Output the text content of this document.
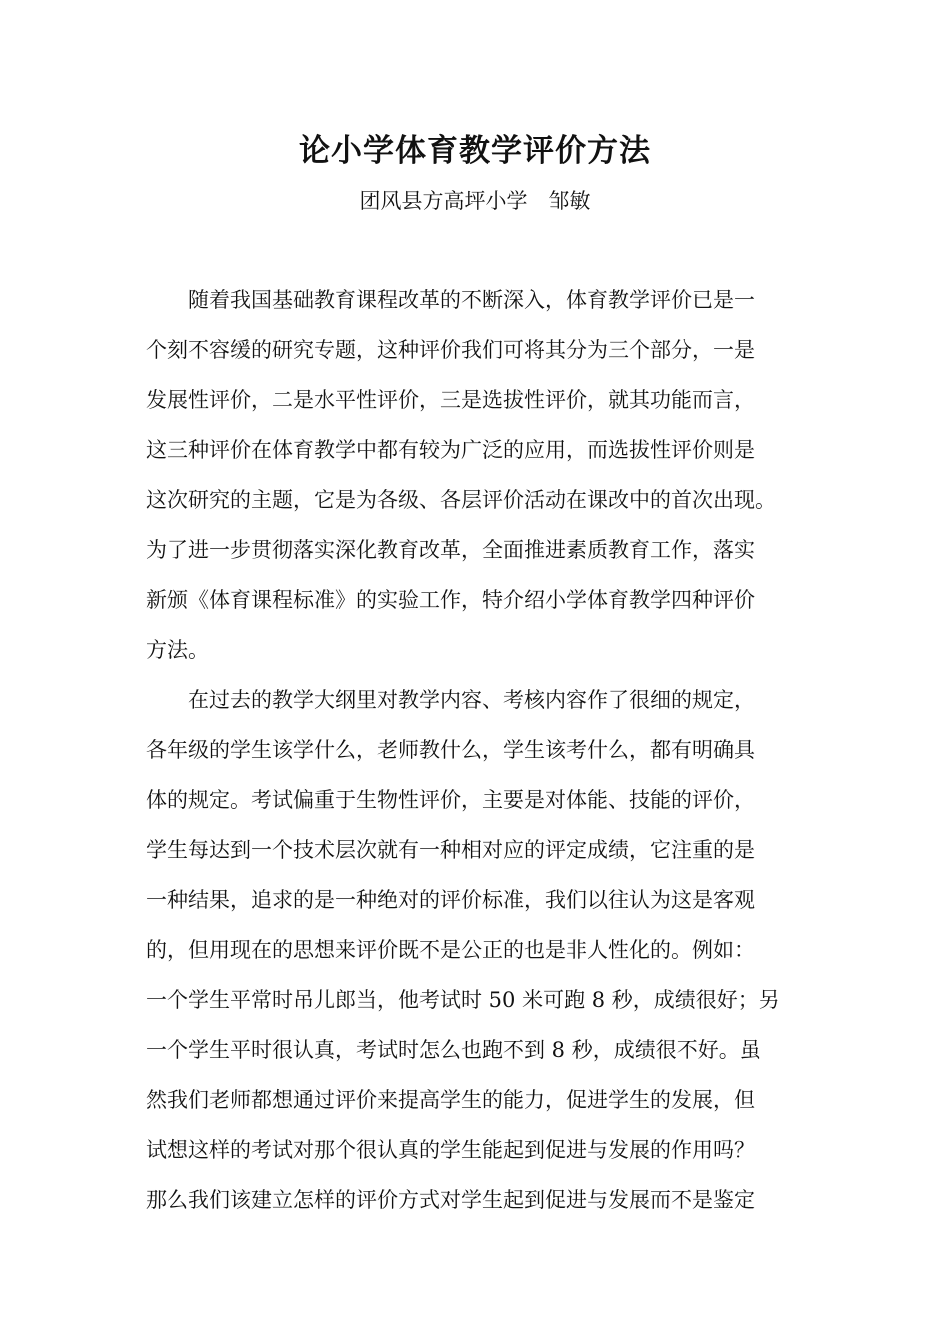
论小学体育教学评价方法
团风县方高坪小学　邹敏
　　随着我国基础教育课程改革的不断深入，体育教学评价已是一
个刻不容缓的研究专题，这种评价我们可将其分为三个部分，一是
发展性评价，二是水平性评价，三是选拔性评价，就其功能而言，
这三种评价在体育教学中都有较为广泛的应用，而选拔性评价则是
这次研究的主题，它是为各级、各层评价活动在课改中的首次出现。
为了进一步贯彻落实深化教育改革，全面推进素质教育工作，落实
新颁《体育课程标准》的实验工作，特介绍小学体育教学四种评价
方法。
　　在过去的教学大纲里对教学内容、考核内容作了很细的规定，
各年级的学生该学什么，老师教什么，学生该考什么，都有明确具
体的规定。考试偏重于生物性评价，主要是对体能、技能的评价，
学生每达到一个技术层次就有一种相对应的评定成绩，它注重的是
一种结果，追求的是一种绝对的评价标准，我们以往认为这是客观
的，但用现在的思想来评价既不是公正的也是非人性化的。例如：
一个学生平常时吊儿郎当，他考试时 50 米可跑 8 秒，成绩很好；另
一个学生平时很认真，考试时怎么也跑不到 8 秒，成绩很不好。虽
然我们老师都想通过评价来提高学生的能力，促进学生的发展，但
试想这样的考试对那个很认真的学生能起到促进与发展的作用吗？
那么我们该建立怎样的评价方式对学生起到促进与发展而不是鉴定
